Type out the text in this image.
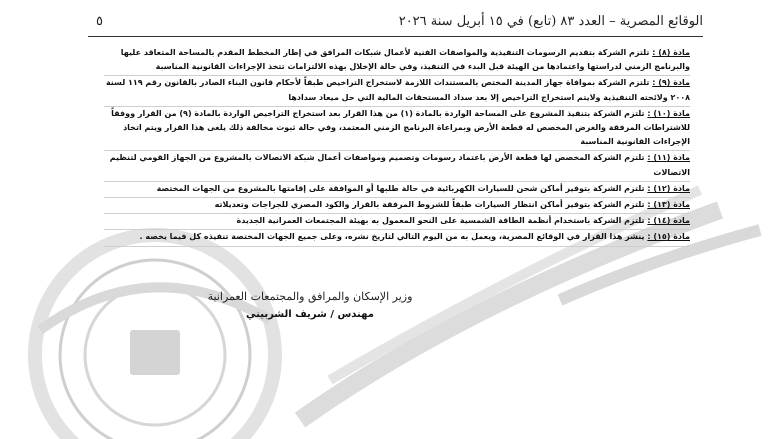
الوقائع المصرية – العدد ٨٣ (تابع) في ١٥ أبريل سنة ٢٠٢٦
٥

مادة (٨) : تلتزم الشركة بتقديم الرسومات التنفيذية والمواصفات الفنية لأعمال شبكات المرافق في إطار المخطط المقدم بالمساحة المتعاقد عليها والبرنامج الزمني لدراستها واعتمادها من الهيئة قبل البدء في التنفيذ، وفي حالة الإخلال بهذه الالتزامات تتخذ الإجراءات القانونية المناسبة

مادة (٩) : تلتزم الشركة بموافاة جهاز المدينة المختص بالمستندات اللازمة لاستخراج التراخيص طبقاً لأحكام قانون البناء الصادر بالقانون رقم ١١٩ لسنة ٢٠٠٨ ولائحته التنفيذية ولايتم استخراج التراخيص إلا بعد سداد المستحقات المالية التي حل ميعاد سدادها

مادة (١٠) : تلتزم الشركة بتنفيذ المشروع على المساحة الواردة بالمادة (١) من هذا القرار بعد استخراج التراخيص الواردة بالمادة (٩) من القرار ووفقاً للاشتراطات المرفقة والغرض المخصص له قطعة الأرض وبمراعاة البرنامج الزمني المعتمد، وفي حالة ثبوت مخالفة ذلك يلغى هذا القرار ويتم اتخاذ الإجراءات القانونية المناسبة

مادة (١١) : تلتزم الشركة المخصص لها قطعة الأرض باعتماد رسومات وتصميم ومواصفات أعمال شبكة الاتصالات بالمشروع من الجهاز القومي لتنظيم الاتصالات

مادة (١٢) : تلتزم الشركة بتوفير أماكن شحن للسيارات الكهربائية في حالة طلبها أو الموافقة على إقامتها بالمشروع من الجهات المختصة

مادة (١٣) : تلتزم الشركة بتوفير أماكن انتظار السيارات طبقاً للشروط المرفقة بالقرار والكود المصري للجراجات وتعديلاته

مادة (١٤) : تلتزم الشركة باستخدام أنظمة الطاقة الشمسية على النحو المعمول به بهيئة المجتمعات العمرانية الجديدة

مادة (١٥) : ينشر هذا القرار في الوقائع المصرية، ويعمل به من اليوم التالي لتاريخ نشره، وعلى جميع الجهات المختصة تنفيذه كل فيما يخصه .

وزير الإسكان والمرافق والمجتمعات العمرانية
مهندس / شريف الشربيني
